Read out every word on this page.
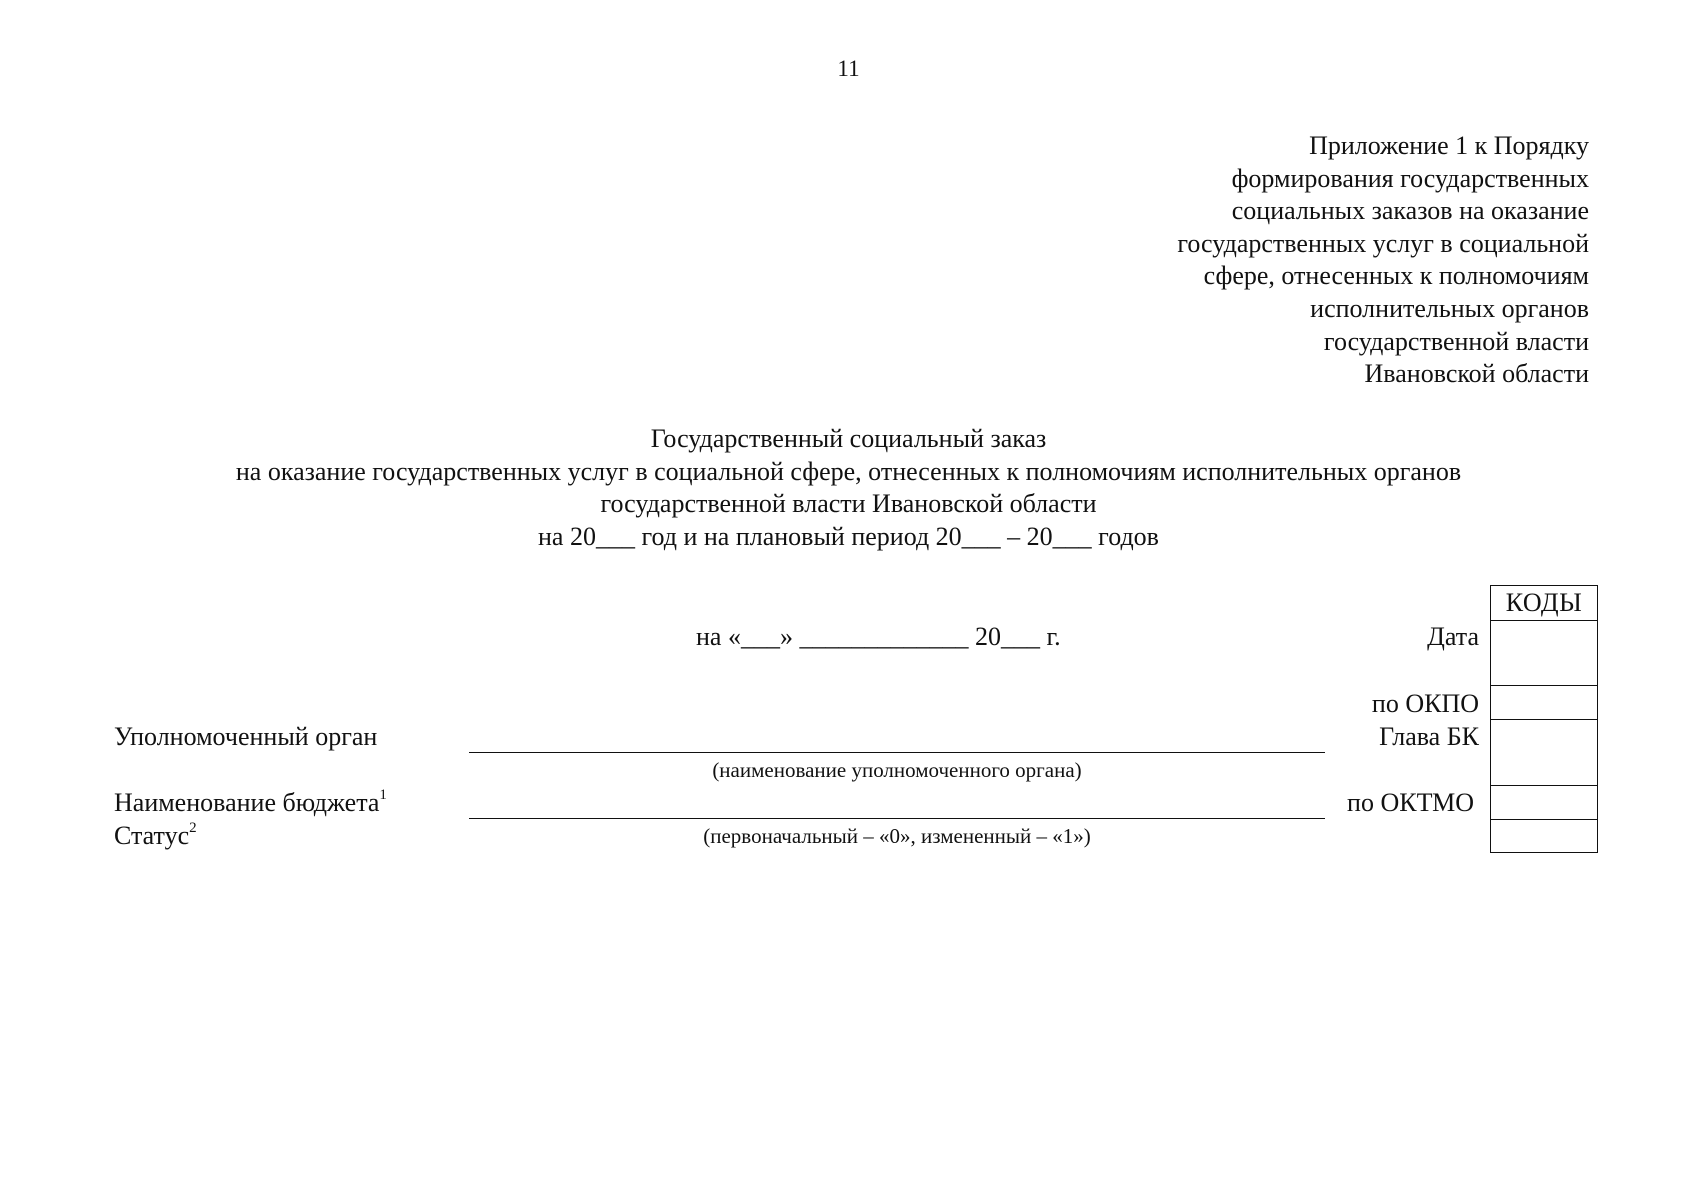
11
Приложение 1 к Порядку
формирования государственных
социальных заказов на оказание
государственных услуг в социальной
сфере, отнесенных к полномочиям
исполнительных органов
государственной власти
Ивановской области
Государственный социальный заказ
на оказание государственных услуг в социальной сфере, отнесенных к полномочиям исполнительных органов
государственной власти Ивановской области
на 20___ год и на плановый период 20___ – 20___ годов
на «___» _____________ 20___ г.
Уполномоченный орган
(наименование уполномоченного органа)
Наименование бюджета$^1$
Статус$^2$	(первоначальный – «0», измененный – «1»)
Дата
по ОКПО
Глава БК
по ОКТМО
КОДЫ
